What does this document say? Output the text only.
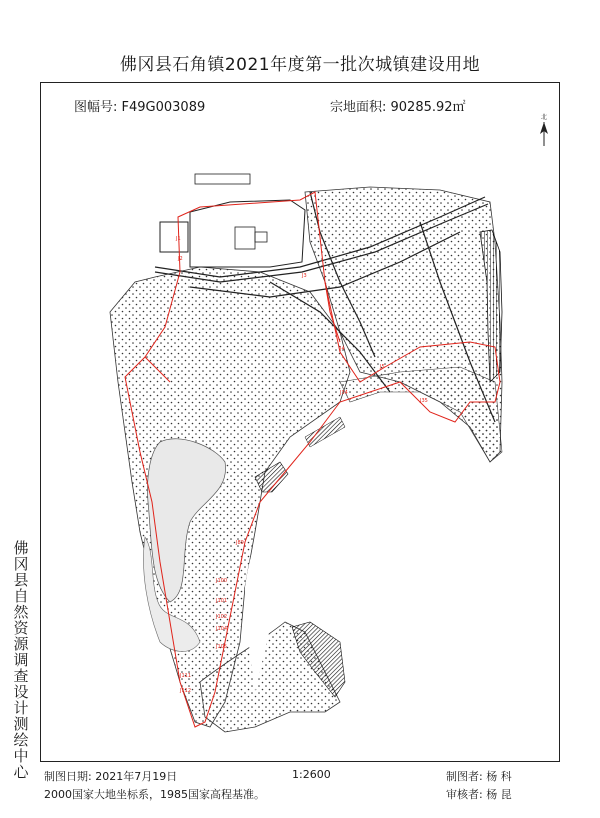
佛冈县石角镇2021年度第一批次城镇建设用地
图幅号: F49G003089	宗地面积: 90285.92㎡
北
佛冈县自然资源调查设计测绘中心
J1
J2
J3
J4
J5
J34
J35
J89
J100
J101
J102
J104
J105
J111
J112
制图日期: 2021年7月19日	1:2600	制图者: 杨 科
2000国家大地坐标系，1985国家高程基准。	审核者: 杨 昆
